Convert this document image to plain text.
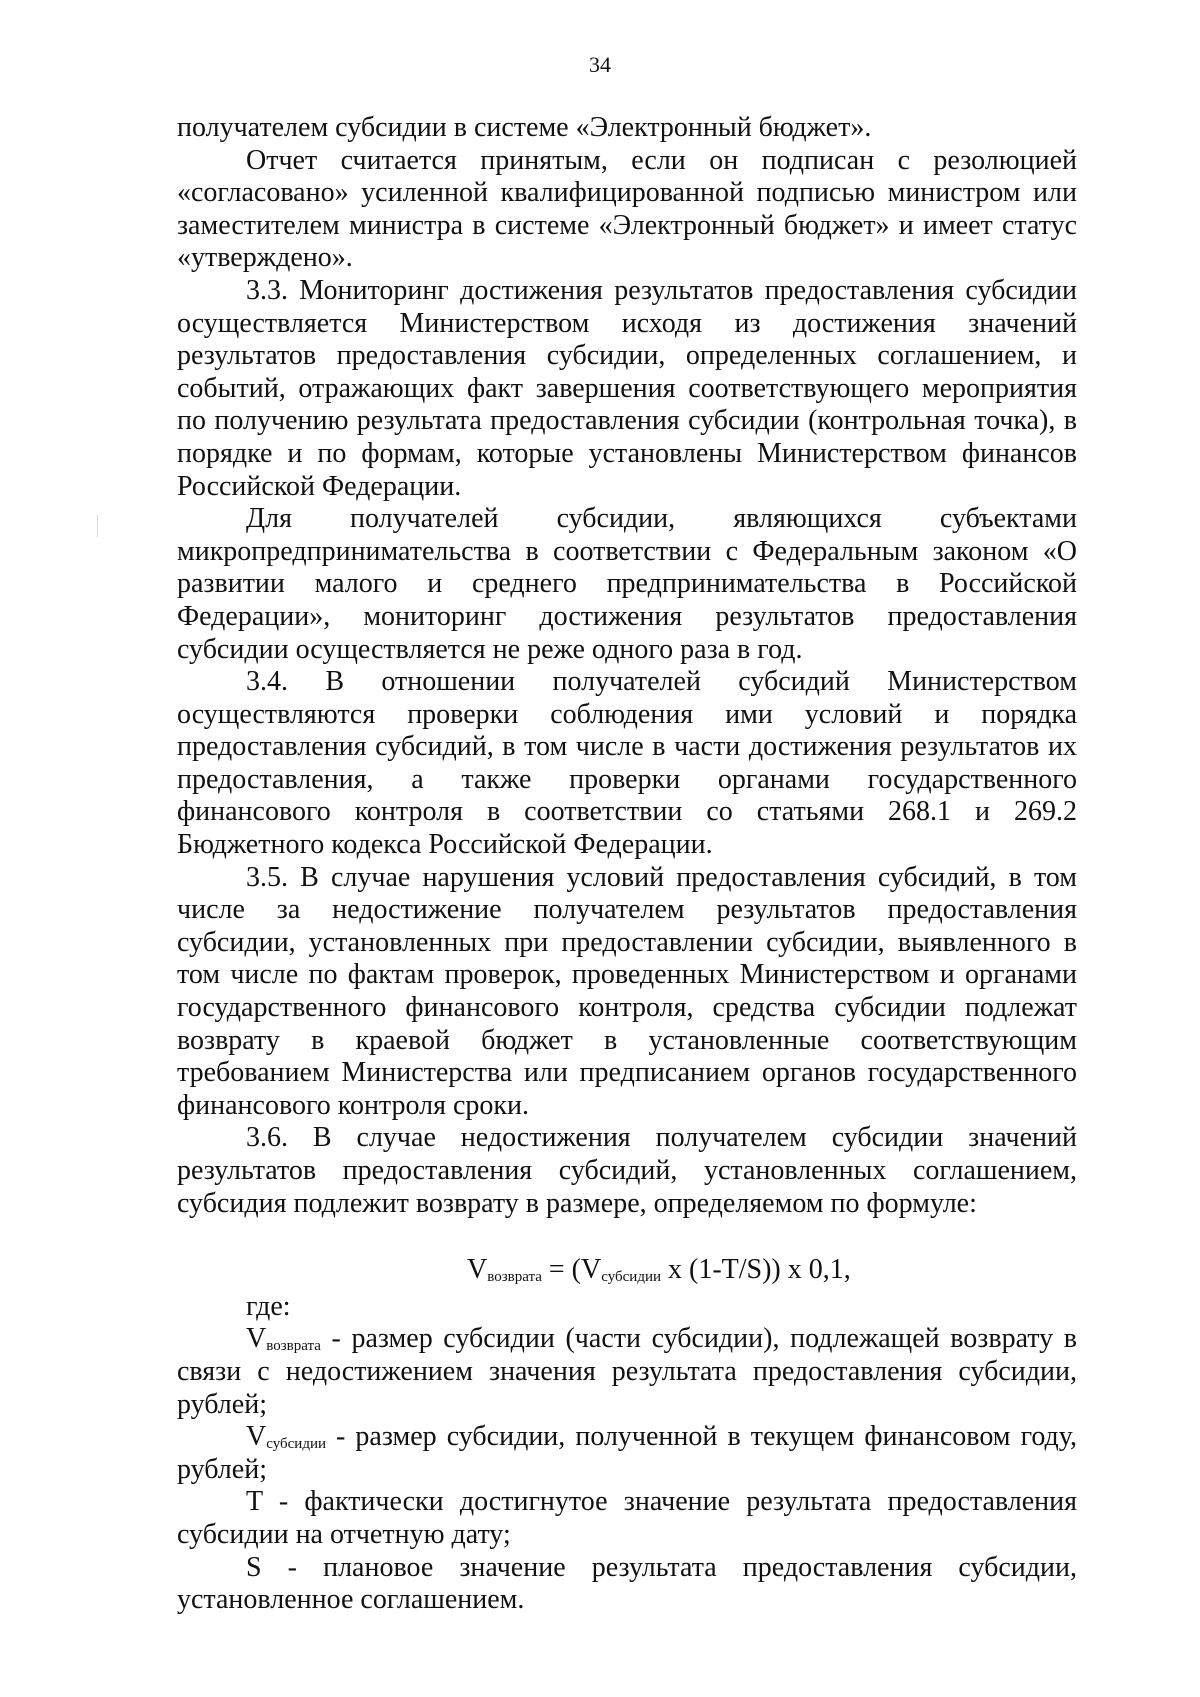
34

получателем субсидии в системе «Электронный бюджет».

Отчет считается принятым, если он подписан с резолюцией «согласовано» усиленной квалифицированной подписью министром или заместителем министра в системе «Электронный бюджет» и имеет статус «утверждено».

3.3. Мониторинг достижения результатов предоставления субсидии осуществляется Министерством исходя из достижения значений результатов предоставления субсидии, определенных соглашением, и событий, отражающих факт завершения соответствующего мероприятия по получению результата предоставления субсидии (контрольная точка), в порядке и по формам, которые установлены Министерством финансов Российской Федерации.

Для получателей субсидии, являющихся субъектами микропредпринимательства в соответствии с Федеральным законом «О развитии малого и среднего предпринимательства в Российской Федерации», мониторинг достижения результатов предоставления субсидии осуществляется не реже одного раза в год.

3.4. В отношении получателей субсидий Министерством осуществляются проверки соблюдения ими условий и порядка предоставления субсидий, в том числе в части достижения результатов их предоставления, а также проверки органами государственного финансового контроля в соответствии со статьями 268.1 и 269.2 Бюджетного кодекса Российской Федерации.

3.5. В случае нарушения условий предоставления субсидий, в том числе за недостижение получателем результатов предоставления субсидии, установленных при предоставлении субсидии, выявленного в том числе по фактам проверок, проведенных Министерством и органами государственного финансового контроля, средства субсидии подлежат возврату в краевой бюджет в установленные соответствующим требованием Министерства или предписанием органов государственного финансового контроля сроки.

3.6. В случае недостижения получателем субсидии значений результатов предоставления субсидий, установленных соглашением, субсидия подлежит возврату в размере, определяемом по формуле:

$V_{возврата} = (V_{субсидии}$ х (1-T/S)) х 0,1,

где:

$V_{возврата}$ - размер субсидии (части субсидии), подлежащей возврату в связи с недостижением значения результата предоставления субсидии, рублей;

$V_{субсидии}$ - размер субсидии, полученной в текущем финансовом году, рублей;

T - фактически достигнутое значение результата предоставления субсидии на отчетную дату;

S - плановое значение результата предоставления субсидии, установленное соглашением.
